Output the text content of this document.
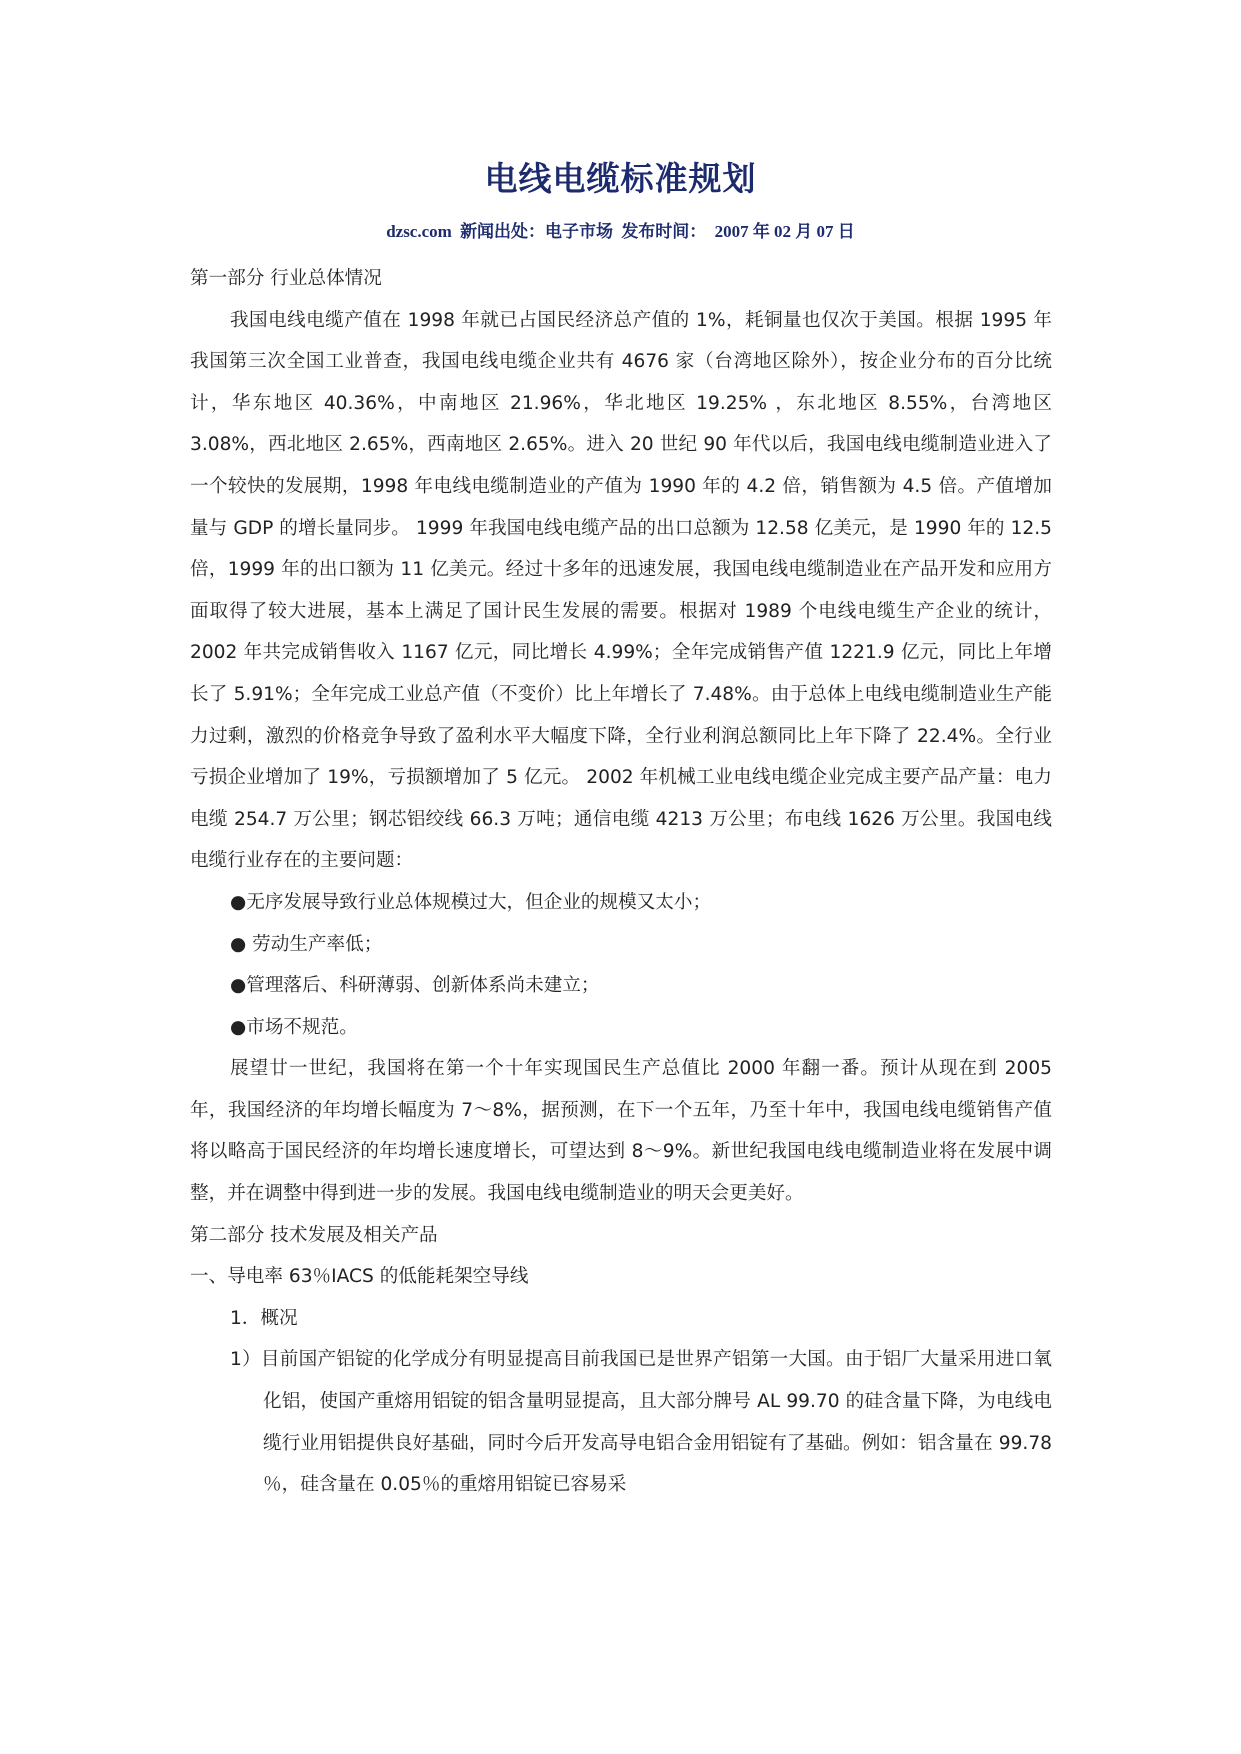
电线电缆标准规划
dzsc.com 新闻出处：电子市场 发布时间： 2007 年 02 月 07 日

第一部分 行业总体情况

我国电线电缆产值在 1998 年就已占国民经济总产值的 1%，耗铜量也仅次于美国。根据 1995 年我国第三次全国工业普查，我国电线电缆企业共有 4676 家（台湾地区除外），按企业分布的百分比统计，华东地区 40.36%，中南地区 21.96%，华北地区 19.25% ，东北地区 8.55%，台湾地区 3.08%，西北地区 2.65%，西南地区 2.65%。进入 20 世纪 90 年代以后，我国电线电缆制造业进入了一个较快的发展期，1998 年电线电缆制造业的产值为 1990 年的 4.2 倍，销售额为 4.5 倍。产值增加量与 GDP 的增长量同步。 1999 年我国电线电缆产品的出口总额为 12.58 亿美元，是 1990 年的 12.5 倍，1999 年的出口额为 11 亿美元。经过十多年的迅速发展，我国电线电缆制造业在产品开发和应用方面取得了较大进展，基本上满足了国计民生发展的需要。根据对 1989 个电线电缆生产企业的统计，2002 年共完成销售收入 1167 亿元，同比增长 4.99%；全年完成销售产值 1221.9 亿元，同比上年增长了 5.91%；全年完成工业总产值（不变价）比上年增长了 7.48%。由于总体上电线电缆制造业生产能力过剩，激烈的价格竞争导致了盈利水平大幅度下降，全行业利润总额同比上年下降了 22.4%。全行业亏损企业增加了 19%，亏损额增加了 5 亿元。 2002 年机械工业电线电缆企业完成主要产品产量：电力电缆 254.7 万公里；钢芯铝绞线 66.3 万吨；通信电缆 4213 万公里；布电线 1626 万公里。我国电线电缆行业存在的主要问题：

●无序发展导致行业总体规模过大，但企业的规模又太小；

● 劳动生产率低；

●管理落后、科研薄弱、创新体系尚未建立；

●市场不规范。

展望廿一世纪，我国将在第一个十年实现国民生产总值比 2000 年翻一番。预计从现在到 2005 年，我国经济的年均增长幅度为 7～8%，据预测，在下一个五年，乃至十年中，我国电线电缆销售产值将以略高于国民经济的年均增长速度增长，可望达到 8～9%。新世纪我国电线电缆制造业将在发展中调整，并在调整中得到进一步的发展。我国电线电缆制造业的明天会更美好。

第二部分 技术发展及相关产品

一、导电率 63％IACS 的低能耗架空导线

1．概况

1）目前国产铝锭的化学成分有明显提高目前我国已是世界产铝第一大国。由于铝厂大量采用进口氧化铝，使国产重熔用铝锭的铝含量明显提高，且大部分牌号 AL 99.70 的硅含量下降，为电线电缆行业用铝提供良好基础，同时今后开发高导电铝合金用铝锭有了基础。例如：铝含量在 99.78 ％，硅含量在 0.05％的重熔用铝锭已容易采
